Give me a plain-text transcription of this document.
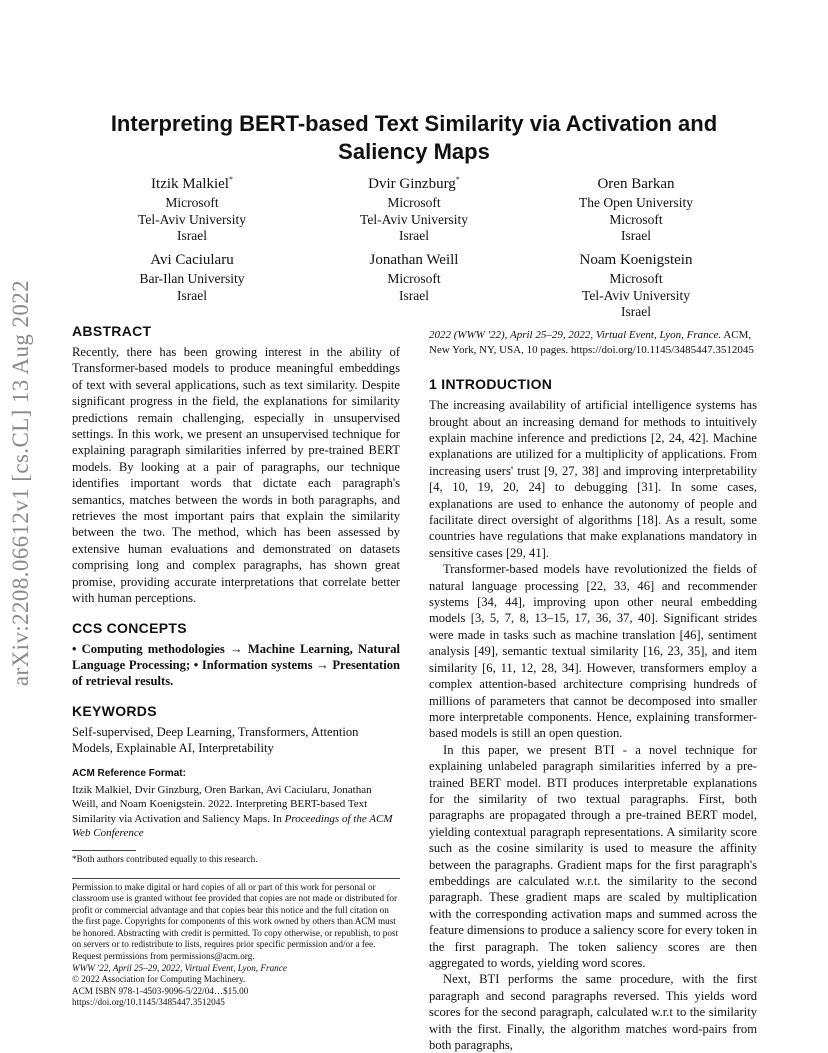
arXiv:2208.06612v1 [cs.CL] 13 Aug 2022
Interpreting BERT-based Text Similarity via Activation and
Saliency Maps
Itzik Malkiel*
Microsoft
Tel-Aviv University
Israel
Dvir Ginzburg*
Microsoft
Tel-Aviv University
Israel
Oren Barkan
The Open University
Microsoft
Israel
Avi Caciularu
Bar-Ilan University
Israel
Jonathan Weill
Microsoft
Israel
Noam Koenigstein
Microsoft
Tel-Aviv University
Israel
ABSTRACT

Recently, there has been growing interest in the ability of Transformer-based models to produce meaningful embeddings of text with several applications, such as text similarity. Despite significant progress in the field, the explanations for similarity predictions remain challenging, especially in unsupervised settings. In this work, we present an unsupervised technique for explaining paragraph similarities inferred by pre-trained BERT models. By looking at a pair of paragraphs, our technique identifies important words that dictate each paragraph's semantics, matches between the words in both paragraphs, and retrieves the most important pairs that explain the similarity between the two. The method, which has been assessed by extensive human evaluations and demonstrated on datasets comprising long and complex paragraphs, has shown great promise, providing accurate interpretations that correlate better with human perceptions.

CCS CONCEPTS

• Computing methodologies → Machine Learning, Natural Language Processing; • Information systems → Presentation of retrieval results.

KEYWORDS

Self-supervised, Deep Learning, Transformers, Attention Models, Explainable AI, Interpretability

ACM Reference Format:

Itzik Malkiel, Dvir Ginzburg, Oren Barkan, Avi Caciularu, Jonathan Weill, and Noam Koenigstein. 2022. Interpreting BERT-based Text Similarity via Activation and Saliency Maps. In Proceedings of the ACM Web Conference

*Both authors contributed equally to this research.

Permission to make digital or hard copies of all or part of this work for personal or classroom use is granted without fee provided that copies are not made or distributed for profit or commercial advantage and that copies bear this notice and the full citation on the first page. Copyrights for components of this work owned by others than ACM must be honored. Abstracting with credit is permitted. To copy otherwise, or republish, to post on servers or to redistribute to lists, requires prior specific permission and/or a fee. Request permissions from permissions@acm.org.

WWW '22, April 25–29, 2022, Virtual Event, Lyon, France

© 2022 Association for Computing Machinery.

ACM ISBN 978-1-4503-9096-5/22/04…$15.00

https://doi.org/10.1145/3485447.3512045

2022 (WWW '22), April 25–29, 2022, Virtual Event, Lyon, France. ACM, New York, NY, USA, 10 pages. https://doi.org/10.1145/3485447.3512045

1 INTRODUCTION

The increasing availability of artificial intelligence systems has brought about an increasing demand for methods to intuitively explain machine inference and predictions [2, 24, 42]. Machine explanations are utilized for a multiplicity of applications. From increasing users' trust [9, 27, 38] and improving interpretability [4, 10, 19, 20, 24] to debugging [31]. In some cases, explanations are used to enhance the autonomy of people and facilitate direct oversight of algorithms [18]. As a result, some countries have regulations that make explanations mandatory in sensitive cases [29, 41].

Transformer-based models have revolutionized the fields of natural language processing [22, 33, 46] and recommender systems [34, 44], improving upon other neural embedding models [3, 5, 7, 8, 13–15, 17, 36, 37, 40]. Significant strides were made in tasks such as machine translation [46], sentiment analysis [49], semantic textual similarity [16, 23, 35], and item similarity [6, 11, 12, 28, 34]. However, transformers employ a complex attention-based architecture comprising hundreds of millions of parameters that cannot be decomposed into smaller more interpretable components. Hence, explaining transformer-based models is still an open question.

In this paper, we present BTI - a novel technique for explaining unlabeled paragraph similarities inferred by a pre-trained BERT model. BTI produces interpretable explanations for the similarity of two textual paragraphs. First, both paragraphs are propagated through a pre-trained BERT model, yielding contextual paragraph representations. A similarity score such as the cosine similarity is used to measure the affinity between the paragraphs. Gradient maps for the first paragraph's embeddings are calculated w.r.t. the similarity to the second paragraph. These gradient maps are scaled by multiplication with the corresponding activation maps and summed across the feature dimensions to produce a saliency score for every token in the first paragraph. The token saliency scores are then aggregated to words, yielding word scores.

Next, BTI performs the same procedure, with the first paragraph and second paragraphs reversed. This yields word scores for the second paragraph, calculated w.r.t to the similarity with the first. Finally, the algorithm matches word-pairs from both paragraphs,
